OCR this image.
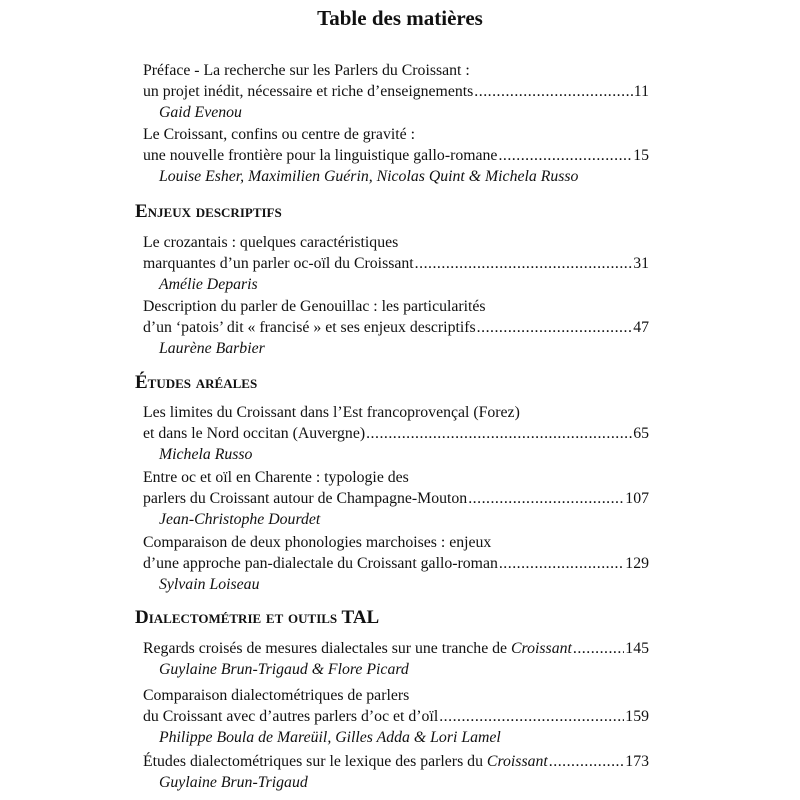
Table des matières
Préface - La recherche sur les Parlers du Croissant :
un projet inédit, nécessaire et riche d’enseignements .....	11
Gaid Evenou
Le Croissant, confins ou centre de gravité :
une nouvelle frontière pour la linguistique gallo-romane .....	15
Louise Esher, Maximilien Guérin, Nicolas Quint & Michela Russo
Enjeux descriptifs
Le crozantais : quelques caractéristiques
marquantes d’un parler oc-oïl du Croissant .....	31
Amélie Deparis
Description du parler de Genouillac : les particularités
d’un ‘patois’ dit « francisé » et ses enjeux descriptifs .....	47
Laurène Barbier
Études aréales
Les limites du Croissant dans l’Est francoprovençal (Forez)
et dans le Nord occitan (Auvergne) .....	65
Michela Russo
Entre oc et oïl en Charente : typologie des
parlers du Croissant autour de Champagne-Mouton .....	107
Jean-Christophe Dourdet
Comparaison de deux phonologies marchoises : enjeux
d’une approche pan-dialectale du Croissant gallo-roman .....	129
Sylvain Loiseau
Dialectométrie et outils TAL
Regards croisés de mesures dialectales sur une tranche de Croissant .....	145
Guylaine Brun-Trigaud & Flore Picard
Comparaison dialectométriques de parlers
du Croissant avec d’autres parlers d’oc et d’oïl .....	159
Philippe Boula de Mareüil, Gilles Adda & Lori Lamel
Études dialectométriques sur le lexique des parlers du Croissant .....	173
Guylaine Brun-Trigaud
